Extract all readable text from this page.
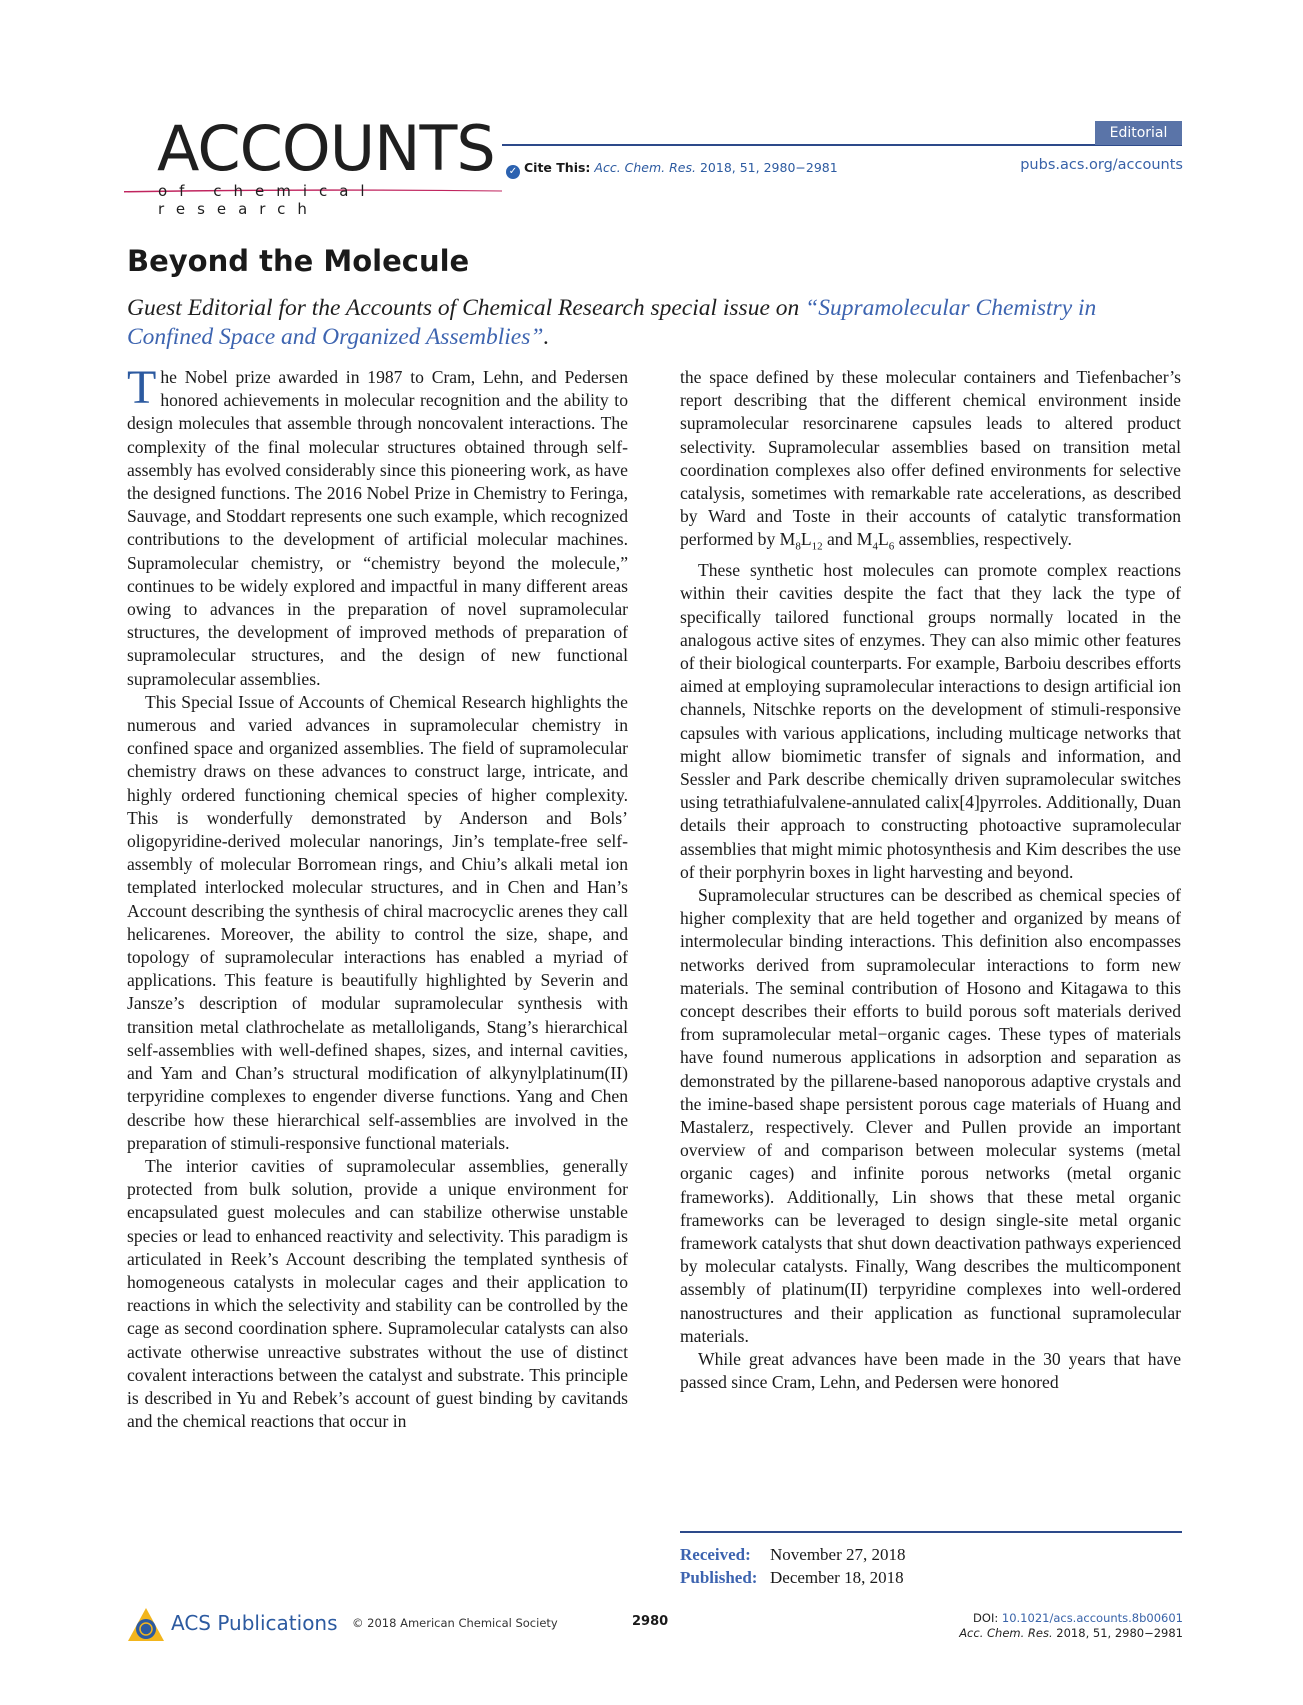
ACCOUNTS
of chemical research
Editorial
✓ Cite This: Acc. Chem. Res. 2018, 51, 2980−2981	pubs.acs.org/accounts
Beyond the Molecule
Guest Editorial for the Accounts of Chemical Research special issue on “Supramolecular Chemistry in Confined Space and Organized Assemblies”.

The Nobel prize awarded in 1987 to Cram, Lehn, and Pedersen honored achievements in molecular recognition and the ability to design molecules that assemble through noncovalent interactions. The complexity of the final molecular structures obtained through self-assembly has evolved considerably since this pioneering work, as have the designed functions. The 2016 Nobel Prize in Chemistry to Feringa, Sauvage, and Stoddart represents one such example, which recognized contributions to the development of artificial molecular machines. Supramolecular chemistry, or “chemistry beyond the molecule,” continues to be widely explored and impactful in many different areas owing to advances in the preparation of novel supramolecular structures, the development of improved methods of preparation of supramolecular structures, and the design of new functional supramolecular assemblies.

This Special Issue of Accounts of Chemical Research highlights the numerous and varied advances in supramolecular chemistry in confined space and organized assemblies. The field of supramolecular chemistry draws on these advances to construct large, intricate, and highly ordered functioning chemical species of higher complexity. This is wonderfully demonstrated by Anderson and Bols’ oligopyridine-derived molecular nanorings, Jin’s template-free self-assembly of molecular Borromean rings, and Chiu’s alkali metal ion templated interlocked molecular structures, and in Chen and Han’s Account describing the synthesis of chiral macrocyclic arenes they call helicarenes. Moreover, the ability to control the size, shape, and topology of supramolecular interactions has enabled a myriad of applications. This feature is beautifully highlighted by Severin and Jansze’s description of modular supramolecular synthesis with transition metal clathrochelate as metalloligands, Stang’s hierarchical self-assemblies with well-defined shapes, sizes, and internal cavities, and Yam and Chan’s structural modification of alkynylplatinum(II) terpyridine complexes to engender diverse functions. Yang and Chen describe how these hierarchical self-assemblies are involved in the preparation of stimuli-responsive functional materials.

The interior cavities of supramolecular assemblies, generally protected from bulk solution, provide a unique environment for encapsulated guest molecules and can stabilize otherwise unstable species or lead to enhanced reactivity and selectivity. This paradigm is articulated in Reek’s Account describing the templated synthesis of homogeneous catalysts in molecular cages and their application to reactions in which the selectivity and stability can be controlled by the cage as second coordination sphere. Supramolecular catalysts can also activate otherwise unreactive substrates without the use of distinct covalent interactions between the catalyst and substrate. This principle is described in Yu and Rebek’s account of guest binding by cavitands and the chemical reactions that occur in

the space defined by these molecular containers and Tiefenbacher’s report describing that the different chemical environment inside supramolecular resorcinarene capsules leads to altered product selectivity. Supramolecular assemblies based on transition metal coordination complexes also offer defined environments for selective catalysis, sometimes with remarkable rate accelerations, as described by Ward and Toste in their accounts of catalytic transformation performed by $M_8L_{12}$ and $M_4L_6$ assemblies, respectively.

These synthetic host molecules can promote complex reactions within their cavities despite the fact that they lack the type of specifically tailored functional groups normally located in the analogous active sites of enzymes. They can also mimic other features of their biological counterparts. For example, Barboiu describes efforts aimed at employing supramolecular interactions to design artificial ion channels, Nitschke reports on the development of stimuli-responsive capsules with various applications, including multicage networks that might allow biomimetic transfer of signals and information, and Sessler and Park describe chemically driven supramolecular switches using tetrathiafulvalene-annulated calix[4]pyrroles. Additionally, Duan details their approach to constructing photoactive supramolecular assemblies that might mimic photosynthesis and Kim describes the use of their porphyrin boxes in light harvesting and beyond.

Supramolecular structures can be described as chemical species of higher complexity that are held together and organized by means of intermolecular binding interactions. This definition also encompasses networks derived from supramolecular interactions to form new materials. The seminal contribution of Hosono and Kitagawa to this concept describes their efforts to build porous soft materials derived from supramolecular metal−organic cages. These types of materials have found numerous applications in adsorption and separation as demonstrated by the pillarene-based nanoporous adaptive crystals and the imine-based shape persistent porous cage materials of Huang and Mastalerz, respectively. Clever and Pullen provide an important overview of and comparison between molecular systems (metal organic cages) and infinite porous networks (metal organic frameworks). Additionally, Lin shows that these metal organic frameworks can be leveraged to design single-site metal organic framework catalysts that shut down deactivation pathways experienced by molecular catalysts. Finally, Wang describes the multicomponent assembly of platinum(II) terpyridine complexes into well-ordered nanostructures and their application as functional supramolecular materials.

While great advances have been made in the 30 years that have passed since Cram, Lehn, and Pedersen were honored

Received: November 27, 2018
Published: December 18, 2018
ACS Publications © 2018 American Chemical Society	2980	DOI: 10.1021/acs.accounts.8b00601
Acc. Chem. Res. 2018, 51, 2980−2981
